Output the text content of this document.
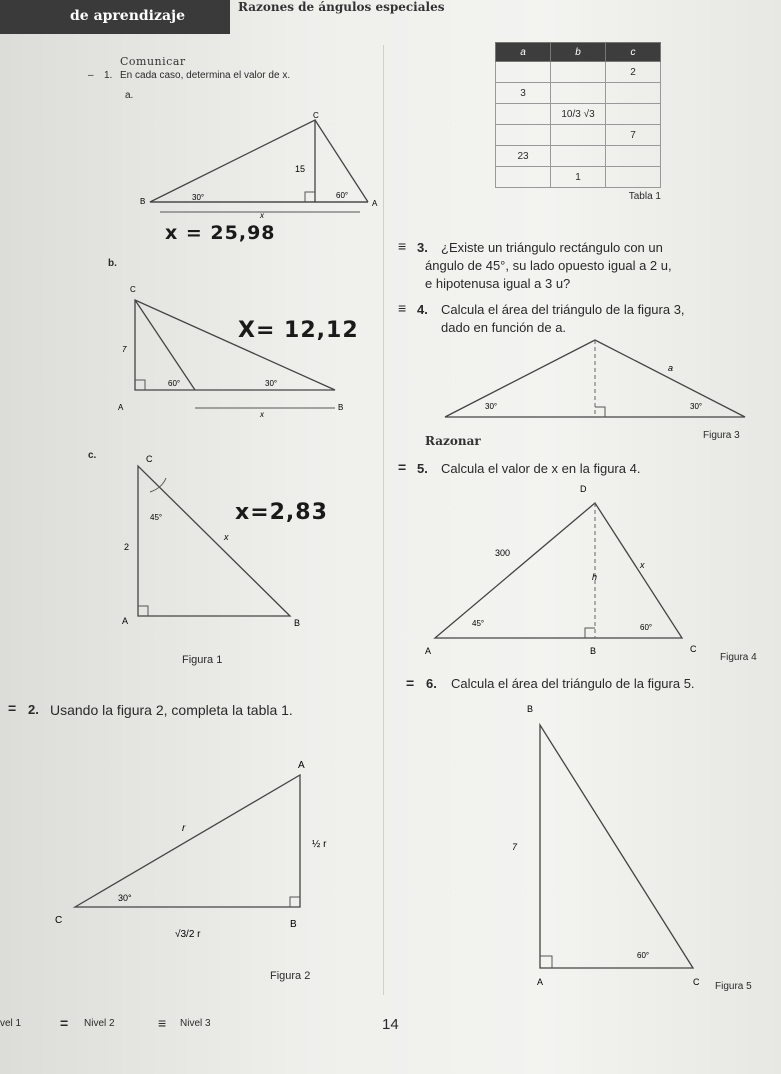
de aprendizaje
Razones de ángulos especiales
Comunicar
– 1. En cada caso, determina el valor de x.
a.
C
B	A
15
30°	60°
x
x = 25,98
a	b	c
		2
3		
	10/3 √3	
		7
23		
	1	
Tabla 1
≡ 3. ¿Existe un triángulo rectángulo con un
ángulo de 45°, su lado opuesto igual a 2 u,
e hipotenusa igual a 3 u?
≡ 4. Calcula el área del triángulo de la figura 3,
dado en función de a.
a
30°	30°
Figura 3
b.
C
A	B
7
60°	30°
x
X= 12,12
Razonar
= 5. Calcula el valor de x en la figura 4.
D
A	B	C
300
h
x
45°	60°
Figura 4
c.	C
A	B
2
45°
x
x=2,83
Figura 1
= 6. Calcula el área del triángulo de la figura 5.
B
A	C
7
60°
Figura 5
= 2. Usando la figura 2, completa la tabla 1.
A
C	B
r
½ r
30°
√3/2 r
Figura 2
vel 1	= Nivel 2	≡ Nivel 3	14
